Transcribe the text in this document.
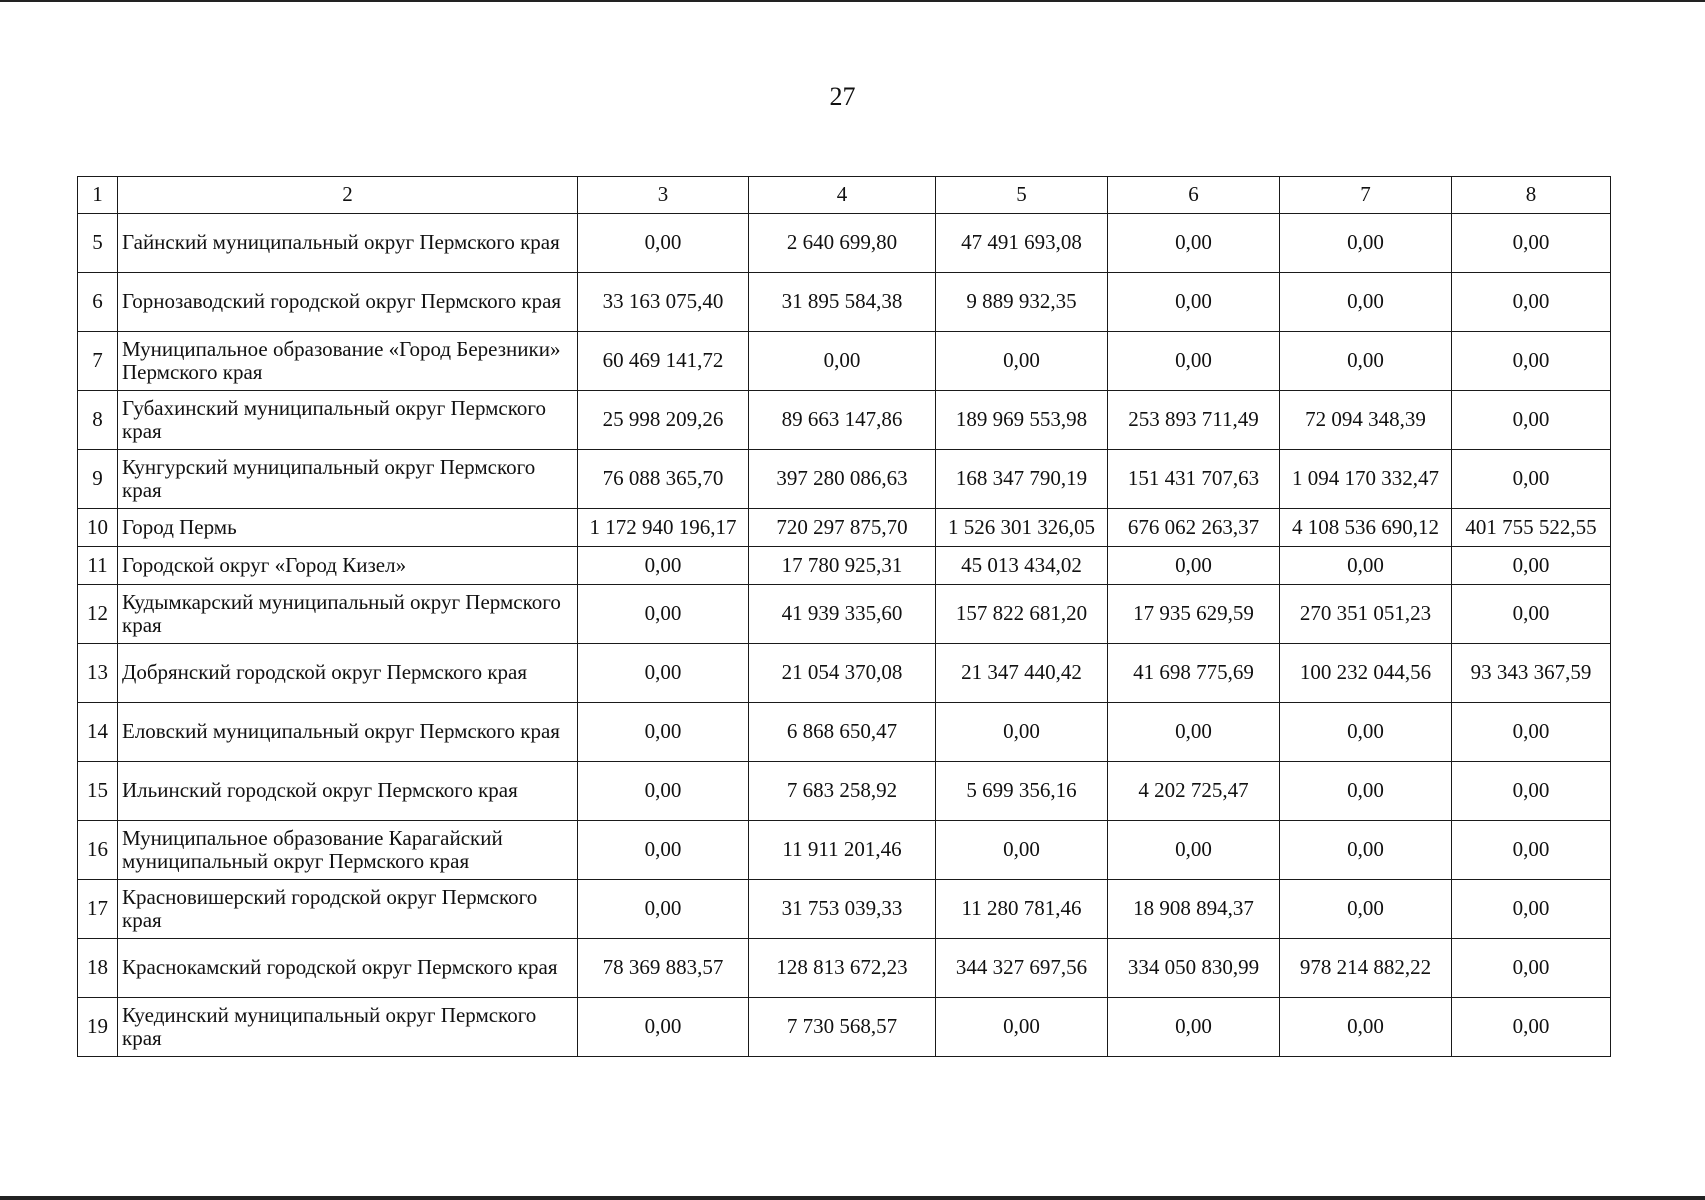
27
1	2	3	4	5	6	7	8
5	Гайнский муниципальный округ Пермского края	0,00	2 640 699,80	47 491 693,08	0,00	0,00	0,00
6	Горнозаводский городской округ Пермского края	33 163 075,40	31 895 584,38	9 889 932,35	0,00	0,00	0,00
7	Муниципальное образование «Город Березники» Пермского края	60 469 141,72	0,00	0,00	0,00	0,00	0,00
8	Губахинский муниципальный округ Пермского края	25 998 209,26	89 663 147,86	189 969 553,98	253 893 711,49	72 094 348,39	0,00
9	Кунгурский муниципальный округ Пермского края	76 088 365,70	397 280 086,63	168 347 790,19	151 431 707,63	1 094 170 332,47	0,00
10	Город Пермь	1 172 940 196,17	720 297 875,70	1 526 301 326,05	676 062 263,37	4 108 536 690,12	401 755 522,55
11	Городской округ «Город Кизел»	0,00	17 780 925,31	45 013 434,02	0,00	0,00	0,00
12	Кудымкарский муниципальный округ Пермского края	0,00	41 939 335,60	157 822 681,20	17 935 629,59	270 351 051,23	0,00
13	Добрянский городской округ Пермского края	0,00	21 054 370,08	21 347 440,42	41 698 775,69	100 232 044,56	93 343 367,59
14	Еловский муниципальный округ Пермского края	0,00	6 868 650,47	0,00	0,00	0,00	0,00
15	Ильинский городской округ Пермского края	0,00	7 683 258,92	5 699 356,16	4 202 725,47	0,00	0,00
16	Муниципальное образование Карагайский муниципальный округ Пермского края	0,00	11 911 201,46	0,00	0,00	0,00	0,00
17	Красновишерский городской округ Пермского края	0,00	31 753 039,33	11 280 781,46	18 908 894,37	0,00	0,00
18	Краснокамский городской округ Пермского края	78 369 883,57	128 813 672,23	344 327 697,56	334 050 830,99	978 214 882,22	0,00
19	Куединский муниципальный округ Пермского края	0,00	7 730 568,57	0,00	0,00	0,00	0,00
